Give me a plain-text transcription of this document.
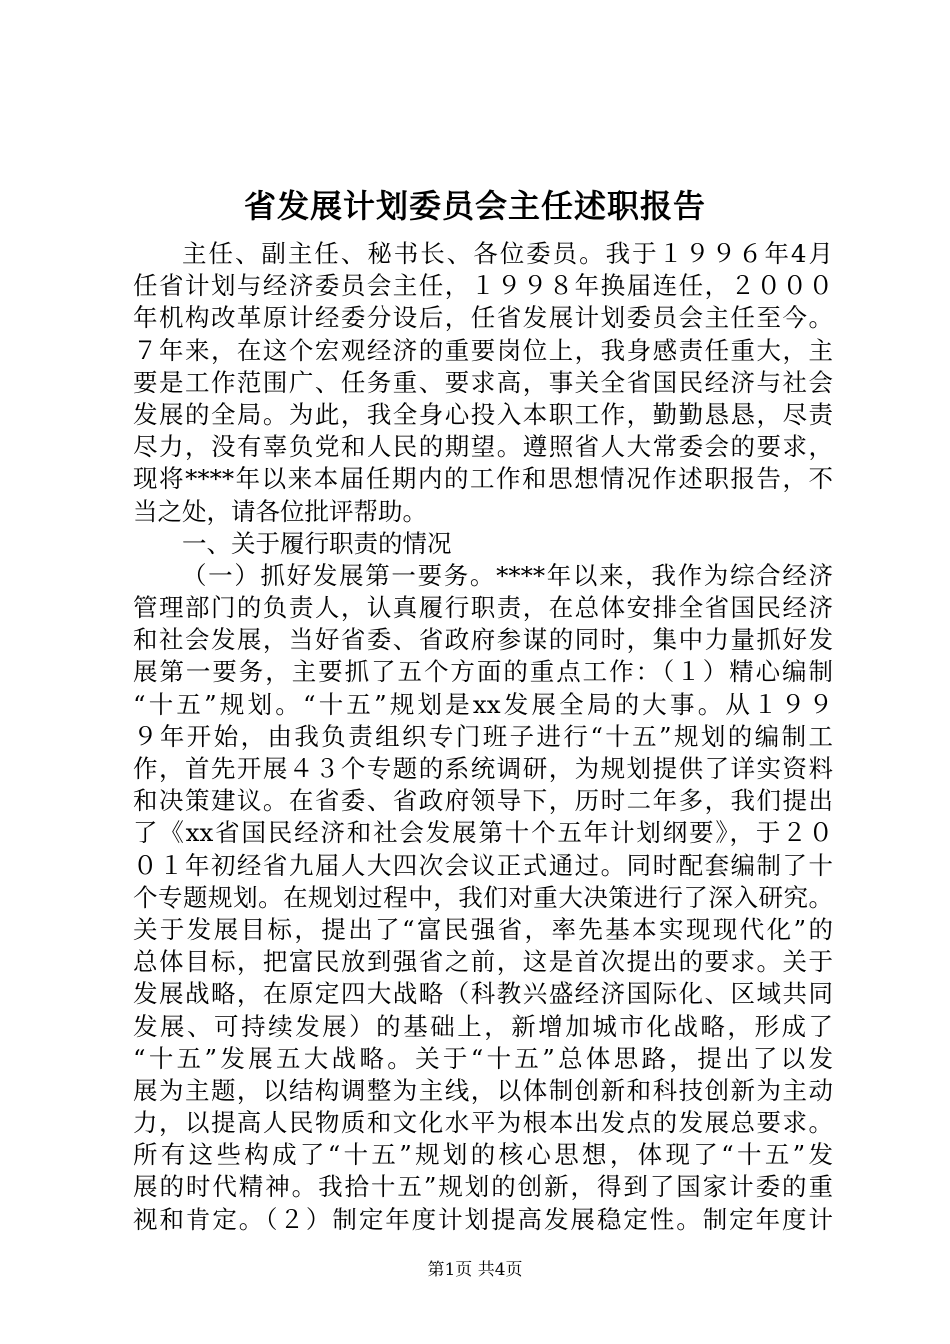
省发展计划委员会主任述职报告
主任、副主任、秘书长、各位委员。我于１９９６年4月
任省计划与经济委员会主任，１９９８年换届连任，２０００
年机构改革原计经委分设后，任省发展计划委员会主任至今。
７年来，在这个宏观经济的重要岗位上，我身感责任重大，主
要是工作范围广、任务重、要求高，事关全省国民经济与社会
发展的全局。为此，我全身心投入本职工作，勤勤恳恳，尽责
尽力，没有辜负党和人民的期望。遵照省人大常委会的要求，
现将****年以来本届任期内的工作和思想情况作述职报告，不
当之处，请各位批评帮助。
一、关于履行职责的情况
（一）抓好发展第一要务。****年以来，我作为综合经济
管理部门的负责人，认真履行职责，在总体安排全省国民经济
和社会发展，当好省委、省政府参谋的同时，集中力量抓好发
展第一要务，主要抓了五个方面的重点工作：（１）精心编制
“十五”规划。“十五”规划是xx发展全局的大事。从１９９
９年开始，由我负责组织专门班子进行“十五”规划的编制工
作，首先开展４３个专题的系统调研，为规划提供了详实资料
和决策建议。在省委、省政府领导下，历时二年多，我们提出
了《xx省国民经济和社会发展第十个五年计划纲要》，于２０
０１年初经省九届人大四次会议正式通过。同时配套编制了十
个专题规划。在规划过程中，我们对重大决策进行了深入研究。
关于发展目标，提出了“富民强省，率先基本实现现代化”的
总体目标，把富民放到强省之前，这是首次提出的要求。关于
发展战略，在原定四大战略（科教兴盛经济国际化、区域共同
发展、可持续发展）的基础上，新增加城市化战略，形成了
“十五”发展五大战略。关于“十五”总体思路，提出了以发
展为主题，以结构调整为主线，以体制创新和科技创新为主动
力，以提高人民物质和文化水平为根本出发点的发展总要求。
所有这些构成了“十五”规划的核心思想，体现了“十五”发
展的时代精神。我拾十五”规划的创新，得到了国家计委的重
视和肯定。（２）制定年度计划提高发展稳定性。制定年度计
第1页 共4页
